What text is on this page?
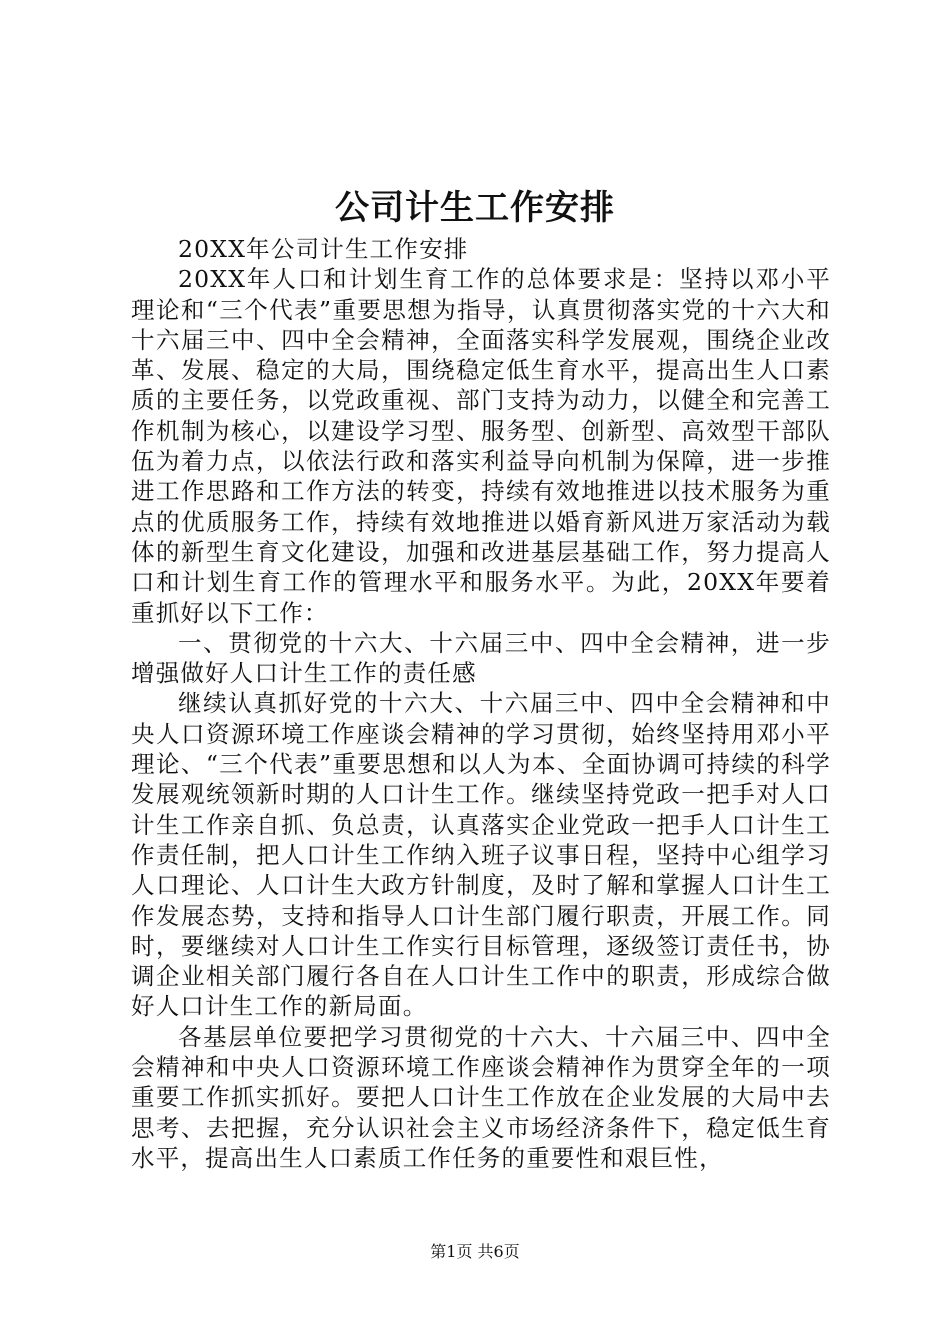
公司计生工作安排

20XX年公司计生工作安排

20XX年人口和计划生育工作的总体要求是：坚持以邓小平理论和“三个代表”重要思想为指导，认真贯彻落实党的十六大和十六届三中、四中全会精神，全面落实科学发展观，围绕企业改革、发展、稳定的大局，围绕稳定低生育水平，提高出生人口素质的主要任务，以党政重视、部门支持为动力，以健全和完善工作机制为核心，以建设学习型、服务型、创新型、高效型干部队伍为着力点，以依法行政和落实利益导向机制为保障，进一步推进工作思路和工作方法的转变，持续有效地推进以技术服务为重点的优质服务工作，持续有效地推进以婚育新风进万家活动为载体的新型生育文化建设，加强和改进基层基础工作，努力提高人口和计划生育工作的管理水平和服务水平。为此，20XX年要着重抓好以下工作：

一、贯彻党的十六大、十六届三中、四中全会精神，进一步增强做好人口计生工作的责任感

继续认真抓好党的十六大、十六届三中、四中全会精神和中央人口资源环境工作座谈会精神的学习贯彻，始终坚持用邓小平理论、“三个代表”重要思想和以人为本、全面协调可持续的科学发展观统领新时期的人口计生工作。继续坚持党政一把手对人口计生工作亲自抓、负总责，认真落实企业党政一把手人口计生工作责任制，把人口计生工作纳入班子议事日程，坚持中心组学习人口理论、人口计生大政方针制度，及时了解和掌握人口计生工作发展态势，支持和指导人口计生部门履行职责，开展工作。同时，要继续对人口计生工作实行目标管理，逐级签订责任书，协调企业相关部门履行各自在人口计生工作中的职责，形成综合做好人口计生工作的新局面。

各基层单位要把学习贯彻党的十六大、十六届三中、四中全会精神和中央人口资源环境工作座谈会精神作为贯穿全年的一项重要工作抓实抓好。要把人口计生工作放在企业发展的大局中去思考、去把握，充分认识社会主义市场经济条件下，稳定低生育水平，提高出生人口素质工作任务的重要性和艰巨性，

第1页 共6页
